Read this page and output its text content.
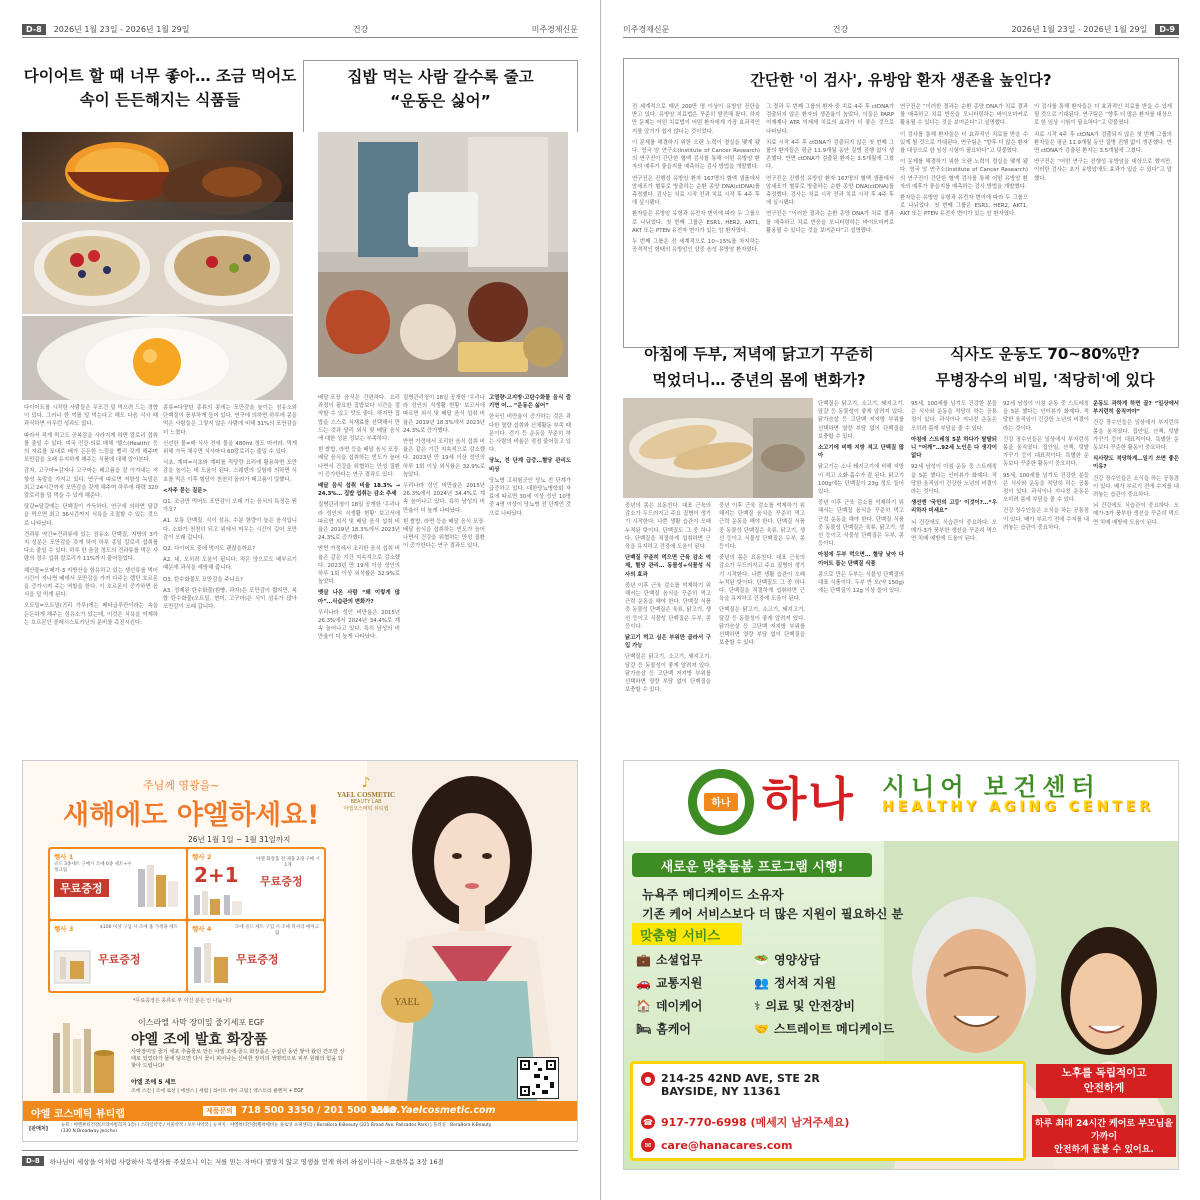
D-8	2026년 1월 23일 - 2026년 1월 29일	건강	미주경제신문
다이어트 할 때 너무 좋아… 조금 먹어도
속이 든든해지는 식품들

다이어트를 시작한 사람들은 무조건 덜 먹으려 드는 경향이 있다. 그러나 한 끼를 덜 먹는다고 해도 다음 식사 때 과식하면 아무런 성과도 없다.

따라서 적게 먹고도 공복감을 사라지게 하면 칼로리 섭취를 줄일 수 있다. 미국 건강·의료 매체 '헬스(Health)' 등의 자료를 토대로 배가 든든한 느낌을 빨리 갖게 해주며 포만감을 오래 유지하게 해주는 식품에 대해 알아본다.

감자, 고구마=감자나 고구마는 배고픔을 잘 이겨내는 저항성 녹말을 가지고 있다. 연구에 따르면 저항성 녹말은 최고 24시간까지 포만감을 갖게 해주며 하루에 대략 320칼로리를 덜 먹을 수 있게 해준다.

달걀=달걀에는 단백질이 가득하다. 연구에 의하면 달걀을 먹으면 최고 36시간까지 식욕을 조절할 수 있는 것으로 나타났다.

견과류 약간=견과류에 있는 섬유소 단백질, 지방의 3가지 성분은 포만감을 갖게 하여 하루 종일 칼로리 섭취를 다소 줄일 수 있다. 하루 한 움큼 정도의 견과류를 먹은 사람의 경우 섭취 칼로리가 11%까지 줄어들었다.

해산물=오메가-3 지방산을 함유하고 있는 생선류를 먹어 시간이 지나면 배에서 포만감을 가져 다주는 렙틴 호르몬을 증가시켜 주는 역할을 한다. 이 호르몬이 증가하면 음식을 덜 먹게 된다.

오트밀=오트밀(귀리 가루)에는 베타글루칸이라는 속을 든든하게 해주는 섬유소가 있는데, 이것은 식욕을 억제하는 호르몬인 콜레시스토키닌의 분비를 촉진시킨다.

콩류=다양한 종류의 콩에는 포만감을 높이는 섬유소와 단백질이 풍부하게 들어 있다. 연구에 의하면 하루에 콩을 먹은 사람들은 그렇지 않은 사람에 비해 31%의 포만감을 더 느꼈다.

신선한 물=매 식사 전에 물을 480ml 정도 마셔라. 먹게 위해 가득 채우면 식사마다 60칼로리는 줄일 수 있다.

식초, 계피=식초와 계피를 적당량 요리에 활용하면 포만감을 높이는 데 도움이 된다. 스웨덴의 실험에 의하면 식초를 먹은 이후 혈당이 천천히 올라가 배고픔이 덜했다.

<자주 묻는 질문>

Q1. 조금만 먹어도 포만감이 오래 가는 음식의 특징은 뭔가요?

A1. 보통 단백질, 식이 섬유, 수분 함량이 높은 음식입니다. 소화가 천천히 되고 위에서 머무는 시간이 길어 포만감이 오래 갑니다.

Q2. 다이어트 중에 먹어도 괜찮을까요?

A2. 네, 오히려 도움이 됩니다. 적은 양으로도 배부르기 때문에 과식을 예방해 줍니다.

Q3. 탄수화물도 포만감을 주나요?

A3. 정제된 탄수화물(흰빵, 과자)은 포만감이 짧지만, 복합 탄수화물(오트밀, 현미, 고구마)은 식이 섬유가 많아 포만감이 오래 갑니다.

집밥 먹는 사람 갈수록 줄고
“운동은 싫어”

배달·포장 음식은 간편하다. 요리 과정이 필요한 집밥보다 시간을 절약할 수 있고 맛도 좋다. 하지만 집밥을 스스로 식재료를 선택해서 만드는 것과 달리 외식 및 배달 음식에 대한 성분 정보는 부족하다.

흰 쌀밥, 라면 등을 배달 음식 포장·배달 음식을 섭취하는 빈도가 늘어나면서 건강을 위협하는 만성 질환이 증가한다는 연구 결과도 있다.

배달 음식 섭취 비율 18.3% → 24.3%… 집밥 섭취는 감소 추세

질병관리청이 18일 공개한 '우리나라 성인의 식생활 현황' 보고서에 따르면 외식 및 배달 음식 섭취 비율은 2019년 18.3%에서 2023년 24.3%로 증가했다.

반면 가정에서 조리한 음식 섭취 비율은 같은 기간 지속적으로 감소했다. 2023년 만 19세 이상 성인의 하루 1회 이상 외식률은 32.9%로 높았다.

뱃살 나온 사람 “왜 이렇게 많아”…식습관의 변화가?

우리나라 성인 비만율은 2015년 26.3%에서 2024년 34.4%로 계속 늘어나고 있다. 특히 남성의 비만율이 더 높게 나타났다.

질병관리청이 18일 공개한 '우리나라 성인의 식생활 현황' 보고서에 따르면 외식 및 배달 음식 섭취 비율은 2019년 18.3%에서 2023년 24.3%로 증가했다.

반면 가정에서 조리한 음식 섭취 비율은 같은 기간 지속적으로 감소했다. 2023년 만 19세 이상 성인의 하루 1회 이상 외식률은 32.9%로 높았다.

우리나라 성인 비만율은 2015년 26.3%에서 2024년 34.4%로 계속 늘어나고 있다. 특히 남성의 비만율이 더 높게 나타났다.

흰 쌀밥, 라면 등을 배달 음식 포장·배달 음식을 섭취하는 빈도가 늘어나면서 건강을 위협하는 만성 질환이 증가한다는 연구 결과도 있다.

고열량·고지방·고탄수화물 음식 즐기면 어… “운동은 싫어”

한국인 비만율이 증가하는 것은 과다한 열량 섭취와 신체활동 부족 때문이다. 걷기 등 운동을 꾸준히 하는 사람의 비율은 점점 줄어들고 있다.

당뇨, 전 단계 급증…혈당 관리도 비상

당뇨병 고위험군인 당뇨 전 단계가 급증하고 있다. 대한당뇨병학회 자료에 따르면 30세 이상 성인 10명 중 4명 이상이 당뇨병 전 단계인 것으로 나타났다.

YAEL
주님께 영광을~
새해에도 야엘하세요!
♪
YAEL COSMETIC
BEAUTY LAB
야엘코스메틱 뷰티랩
26년 1월 1일 ~ 1월 31일까지
행사 1
골드 3종세트 구매시 조에 6종 세트+수정크림
무료증정
행사 2
2+1
아엘 화장품 전 제품 2개 구매 시 1개
무료증정
행사 3	$100 이상 구입 시 조에 홈 가정용 세트
무료증정
행사 4	조에 골드 세트 구입 시 조에 럭셔리 에어크림
무료증정
*무료증정은 종류로 부 이신 분은 인 나눔니다
이스라엘 사막 장미잎 줄기세포 EGF
야엘 조에 발효 화장품
사막장미잎 줄기 세포 추출물로 만든 야엘 조에·골드 화장품은 수십년 동안 쌓아 왔던 건조한 상태로 있었다가 물에 닿으면 다시 꽃이 피어나는 신비한 장미의 생명력으로 피부 원래의 힘을 되찾아 드립니다!
야엘 조에 5 세트
조에 스킨 | 조에 로션 | 에센스 | 세럼 | 라이트 데이 크림 | 엑스트라 클렌저 + EGF
야엘 코스메틱 뷰티랩	제품문의 718 500 3350 / 201 500 3350
www.Yaelcosmetic.com
[판매처]
뉴욕 : 야엘뷰티건강(코리아빌리지 1층) / 스타일약국 / 서울약국 / 모두사약국 | 뉴저지 : 야엘뷰티건강(팰팍에비뉴 플로잉 쇼핑센터) / BoraBora K-Beauty (321 Broad Ave, Palisades Park) | 플러싱 : BoraBora K-Beauty (330 N Broadway Jericho)
D-8	하나님이 세상을 이처럼 사랑하사 독생자를 주셨으니 이는 저를 믿는 자마다 멸망치 않고 영생을 얻게 하려 하심이니라 ~요한복음 3장 16절
미주경제신문	건강	2026년 1월 23일 - 2026년 1월 29일	D-9
간단한 '이 검사', 유방암 환자 생존율 높인다?

전 세계적으로 매년 200만 명 이상이 유방암 진단을 받고 있다. 유방암 치료법은 꾸준히 발전해 왔다. 하지만 문제는 어떤 치료법이 어떤 환자에게 가장 효과적인지를 알기가 쉽지 않다는 것이었다.

이 문제를 해결하기 위한 오랜 노력이 결실을 맺게 됐다. 영국 암 연구소(Institute of Cancer Research)의 연구진이 간단한 혈액 검사를 통해 어떤 유방암 환자의 예후가 좋을지를 예측하는 검사 방법을 개발했다.

연구진은 진행성 유방암 환자 167명의 혈액 샘플에서 암세포가 혈류로 방출하는 순환 종양 DNA(ctDNA)를 측정했다. 검사는 치료 시작 전과 치료 시작 후 4주 후에 실시됐다.

환자들은 유방암 유형과 유전자 변이에 따라 두 그룹으로 나뉘었다. 첫 번째 그룹은 ESR1, HER2, AKT1, AKT 또는 PTEN 유전자 변이가 있는 암 환자였다.

두 번째 그룹은 전 세계적으로 10~15%를 차지하는 공격적인 형태의 유방암인 삼중 음성 유방암 환자였다.

그 결과 두 번째 그룹의 환자 중 치료 4주 후 ctDNA가 검출되지 않은 환자의 생존율이 높았다. 이들은 PARP 억제제나 ATR 억제제 치료의 효과가 더 좋은 것으로 나타났다.

치료 시작 4주 후 ctDNA가 검출되지 않은 첫 번째 그룹의 환자들은 평균 11.9개월 동안 질병 진행 없이 생존했다. 반면 ctDNA가 검출된 환자는 3.5개월에 그쳤다.

연구진은 진행성 유방암 환자 167명의 혈액 샘플에서 암세포가 혈류로 방출하는 순환 종양 DNA(ctDNA)를 측정했다. 검사는 치료 시작 전과 치료 시작 후 4주 후에 실시됐다.

연구진은 “이러한 결과는 순환 종양 DNA가 치료 결과를 예측하고 치료 반응을 모니터링하는 바이오마커로 활용될 수 있다는 것을 보여준다”고 설명했다.

연구진은 “이러한 결과는 순환 종양 DNA가 치료 결과를 예측하고 치료 반응을 모니터링하는 바이오마커로 활용될 수 있다는 것을 보여준다”고 설명했다.

이 검사를 통해 환자들은 더 효과적인 치료를 받을 수 있게 될 것으로 기대된다. 연구팀은 “향후 더 많은 환자를 대상으로 한 임상 시험이 필요하다”고 덧붙였다.

이 문제를 해결하기 위한 오랜 노력이 결실을 맺게 됐다. 영국 암 연구소(Institute of Cancer Research)의 연구진이 간단한 혈액 검사를 통해 어떤 유방암 환자의 예후가 좋을지를 예측하는 검사 방법을 개발했다.

환자들은 유방암 유형과 유전자 변이에 따라 두 그룹으로 나뉘었다. 첫 번째 그룹은 ESR1, HER2, AKT1, AKT 또는 PTEN 유전자 변이가 있는 암 환자였다.

이 검사를 통해 환자들은 더 효과적인 치료를 받을 수 있게 될 것으로 기대된다. 연구팀은 “향후 더 많은 환자를 대상으로 한 임상 시험이 필요하다”고 덧붙였다.

치료 시작 4주 후 ctDNA가 검출되지 않은 첫 번째 그룹의 환자들은 평균 11.9개월 동안 질병 진행 없이 생존했다. 반면 ctDNA가 검출된 환자는 3.5개월에 그쳤다.

연구진은 “어떤 연구는 진행성 유방암을 대상으로 했지만, 이러한 검사는 초기 유방암에도 효과가 있을 수 있다”고 말했다.

아침에 두부, 저녁에 닭고기 꾸준히
먹었더니… 중년의 몸에 변화가?

중년의 몸은 요동친다. 대표 근육의 감소가 두드러지고 주요 질병이 생기기 시작한다. 나쁜 생활 습관이 오래 누적된 탓이다. 단백질도 그 중 하나다. 단백질을 적절하게 섭취하면 근육을 유지하고 건강에 도움이 된다.

단백질 꾸준히 먹으면 근육 감소 억제, 혈당 관리… 동물성+식물성 식사의 효과

중년 이후 근육 감소를 억제하기 위해서는 단백질 음식을 꾸준히 먹고 근력 운동을 해야 한다. 단백질 식품 중 동물성 단백질은 육류, 닭고기, 생선 등이고 식물성 단백질은 두부, 콩 등이다.

닭고기 먹고 심은 부위만 골라서 구입 가능

단백질은 닭고기, 소고기, 돼지고기, 달걀 등 동물성이 좋게 알려져 있다. 닭가슴살 등 고단백 저지방 부위를 선택하면 열량 부담 없이 단백질을 보충할 수 있다.

중년 이후 근육 감소를 억제하기 위해서는 단백질 음식을 꾸준히 먹고 근력 운동을 해야 한다. 단백질 식품 중 동물성 단백질은 육류, 닭고기, 생선 등이고 식물성 단백질은 두부, 콩 등이다.

중년의 몸은 요동친다. 대표 근육의 감소가 두드러지고 주요 질병이 생기기 시작한다. 나쁜 생활 습관이 오래 누적된 탓이다. 단백질도 그 중 하나다. 단백질을 적절하게 섭취하면 근육을 유지하고 건강에 도움이 된다.

단백질은 닭고기, 소고기, 돼지고기, 달걀 등 동물성이 좋게 알려져 있다. 닭가슴살 등 고단백 저지방 부위를 선택하면 열량 부담 없이 단백질을 보충할 수 있다.

단백질은 닭고기, 소고기, 돼지고기, 달걀 등 동물성이 좋게 알려져 있다. 닭가슴살 등 고단백 저지방 부위를 선택하면 열량 부담 없이 단백질을 보충할 수 있다.

소고기에 비해 지방 적고 단백질 많아

닭고기는 소나 돼지고기에 비해 지방이 적고 소화·흡수가 잘 된다. 닭고기 100g에는 단백질이 23g 정도 들어 있다.

중년 이후 근육 감소를 억제하기 위해서는 단백질 음식을 꾸준히 먹고 근력 운동을 해야 한다. 단백질 식품 중 동물성 단백질은 육류, 닭고기, 생선 등이고 식물성 단백질은 두부, 콩 등이다.

아침에 두부 먹으면… 혈당 낮아 다이어트 돕는 단백질 식품

콩으로 만든 두부는 식물성 단백질의 대표 식품이다. 두부 반 모(약 150g)에는 단백질이 12g 이상 들어 있다.

식사도 운동도 70~80%만?
무병장수의 비밀, '적당히'에 있다

95세, 100세를 넘겨도 건강한 분들은 식사와 운동을 적당히 하는 공통점이 있다. 과식이나 지나친 운동은 오히려 몸에 부담을 줄 수 있다.

아침에 스트레칭 5분 하다가 탈탈되니 “어깨”…92세 노인은 다 생각이 없다

92세 남성이 아침 운동 중 스트레칭을 5분 했다는 인터뷰가 화제다. 적당한 움직임이 건강한 노년의 비결이라는 것이다.

생선엔 '국민의 고등' 이것이?…“우리하자 미세요”

뇌 건강에도 식습관이 중요하다. 오메가-3가 풍부한 생선을 꾸준히 먹으면 치매 예방에 도움이 된다.

92세 남성이 아침 운동 중 스트레칭을 5분 했다는 인터뷰가 화제다. 적당한 움직임이 건강한 노년의 비결이라는 것이다.

건강 장수인들은 일상에서 부지런히 몸을 움직였다. 집안일, 산책, 텃밭 가꾸기 등이 대표적이다. 특별한 운동보다 꾸준한 활동이 중요하다.

95세, 100세를 넘겨도 건강한 분들은 식사와 운동을 적당히 하는 공통점이 있다. 과식이나 지나친 운동은 오히려 몸에 부담을 줄 수 있다.

건강 장수인들은 소식을 하는 공통점이 있다. 배가 부르기 전에 수저를 내려놓는 습관이 중요하다.

운동도 과하게 하면 골? “일상에서 부지런히 움직여야”

건강 장수인들은 일상에서 부지런히 몸을 움직였다. 집안일, 산책, 텃밭 가꾸기 등이 대표적이다. 특별한 운동보다 꾸준한 활동이 중요하다.

식사량도 적당하게…일기 쓰면 좋은 이유?

건강 장수인들은 소식을 하는 공통점이 있다. 배가 부르기 전에 수저를 내려놓는 습관이 중요하다.

뇌 건강에도 식습관이 중요하다. 오메가-3가 풍부한 생선을 꾸준히 먹으면 치매 예방에 도움이 된다.

하나 하나 시니어 보건센터
HEALTHY AGING CENTER
새로운 맞춤돌봄 프로그램 시행!
뉴욕주 메디케이드 소유자
기존 케어 서비스보다 더 많은 지원이 필요하신 분
맞춤형 서비스
💼 소셜업무	🥗 영양상담
🚗 교통지원	👥 정서적 지원
🏠 데이케어	⚕ 의료 및 안전장비
🛏 홈케어	🤝 스트레이트 메디케이드
● 214-25 42ND AVE, STE 2R
BAYSIDE, NY 11361
☎ 917-770-6998 (메세지 남겨주세요)
✉ care@hanacares.com
노후를 독립적이고
안전하게
하루 최대 24시간 케어로 부모님을 가까이
안전하게 돌볼 수 있어요.
